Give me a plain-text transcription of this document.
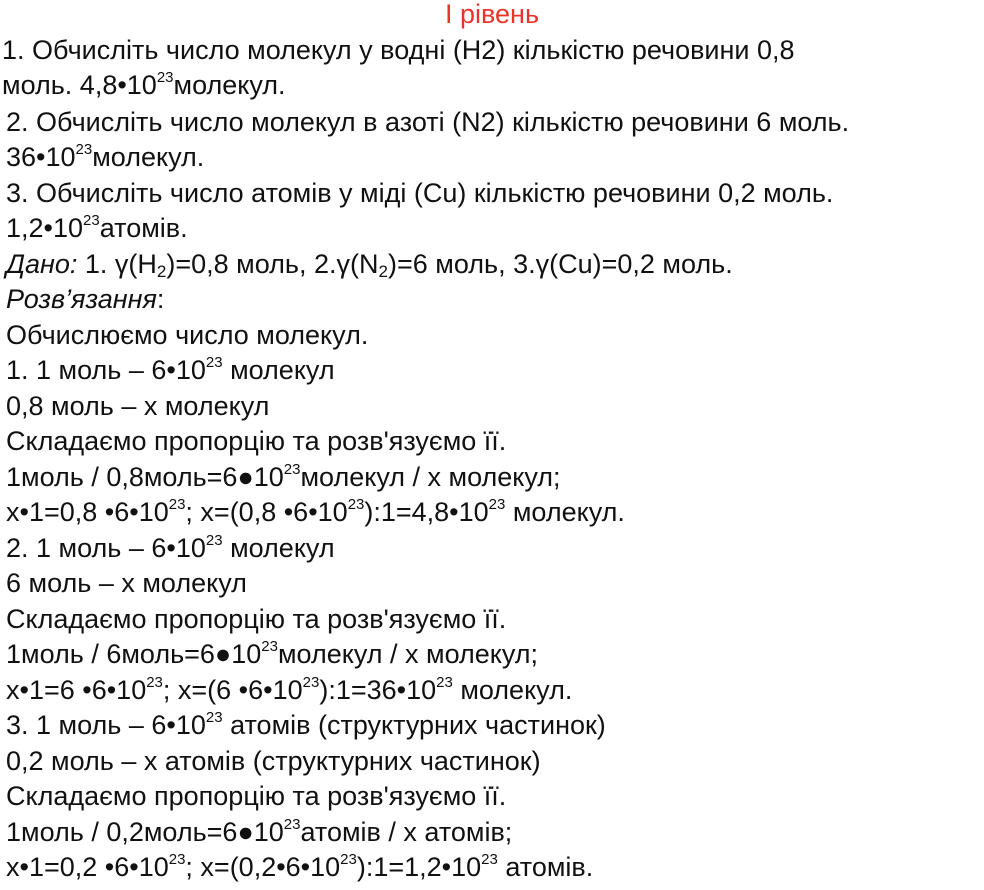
І рівень
1. Обчисліть число молекул у водні (Н2) кількістю речовини 0,8
моль. $4,8•10^{23}молекул$.
2. Обчисліть число молекул в азоті (N2) кількістю речовини 6 моль.
$36•10^{23}молекул$.
3. Обчисліть число атомів у міді (Cu) кількістю речовини 0,2 моль.
$1,2•10^{23}атомів$.
Дано: 1. $\gamma(H_2)=0,8$ моль, $2.\gamma(N_2)=6$ моль, 3.γ(Cu)=0,2 моль.
Розв’язання:
Обчислюємо число молекул.
1. 1 моль – $6•10^{23}$ молекул
0,8 моль – х молекул
Складаємо пропорцію та розв'язуємо її.
1моль / $0,8моль=6●10^{23}молекул / х$ молекул;
х•1=0,8 $•6•10^{23}$; х=(0,8 $•6•10^{23}):1=4,8•10^{23}$ молекул.
2. 1 моль – $6•10^{23}$ молекул
6 моль – х молекул
Складаємо пропорцію та розв'язуємо її.
1моль / $6моль=6●10^{23}молекул / х$ молекул;
х•1=6 $•6•10^{23}$; х=(6 $•6•10^{23}):1=36•10^{23}$ молекул.
3. 1 моль – $6•10^{23}$ атомів (структурних частинок)
0,2 моль – х атомів (структурних частинок)
Складаємо пропорцію та розв'язуємо її.
1моль / $0,2моль=6●10^{23}атомів / х$ атомів;
х•1=0,2 $•6•10^{23}$; $х=(0,2•6•10^{23}):1=1,2•10^{23}$ атомів.
